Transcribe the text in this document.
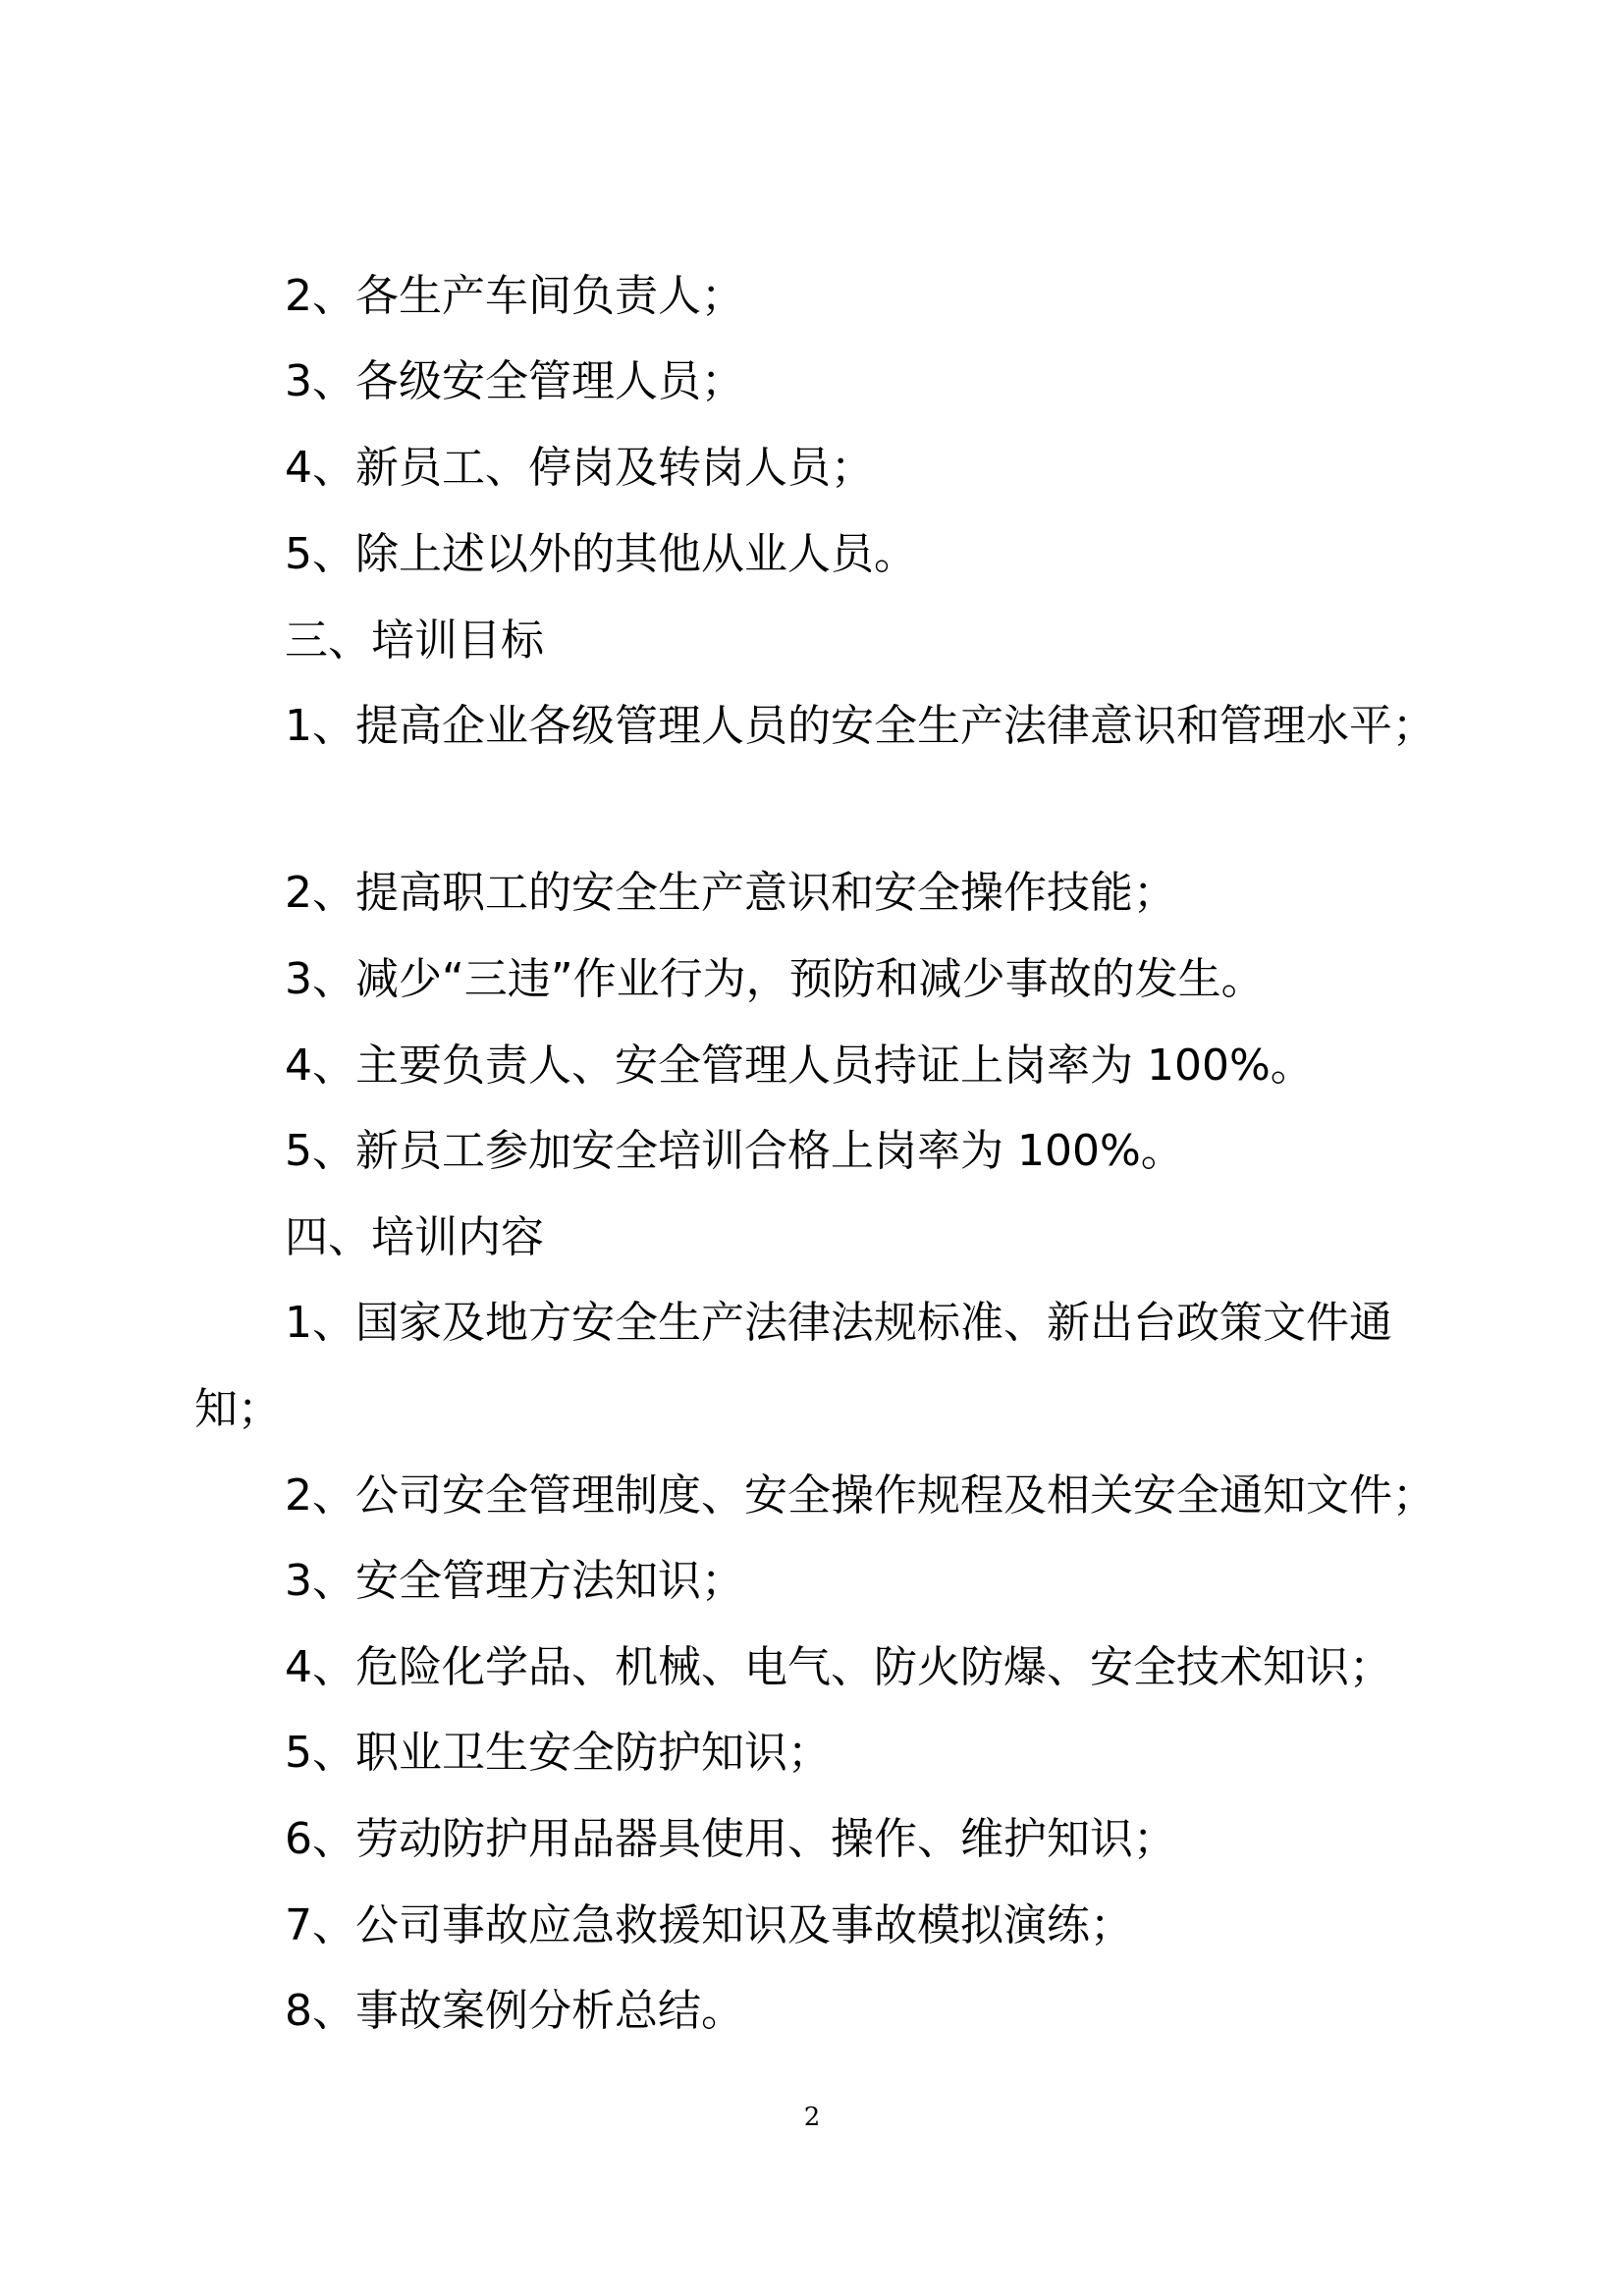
2、各生产车间负责人；
3、各级安全管理人员；
4、新员工、停岗及转岗人员；
5、除上述以外的其他从业人员。
三、培训目标
1、提高企业各级管理人员的安全生产法律意识和管理水平；
2、提高职工的安全生产意识和安全操作技能；
3、减少“三违”作业行为，预防和减少事故的发生。
4、主要负责人、安全管理人员持证上岗率为 100%。
5、新员工参加安全培训合格上岗率为 100%。
四、培训内容
1、国家及地方安全生产法律法规标准、新出台政策文件通
知；
2、公司安全管理制度、安全操作规程及相关安全通知文件；
3、安全管理方法知识；
4、危险化学品、机械、电气、防火防爆、安全技术知识；
5、职业卫生安全防护知识；
6、劳动防护用品器具使用、操作、维护知识；
7、公司事故应急救援知识及事故模拟演练；
8、事故案例分析总结。
2
